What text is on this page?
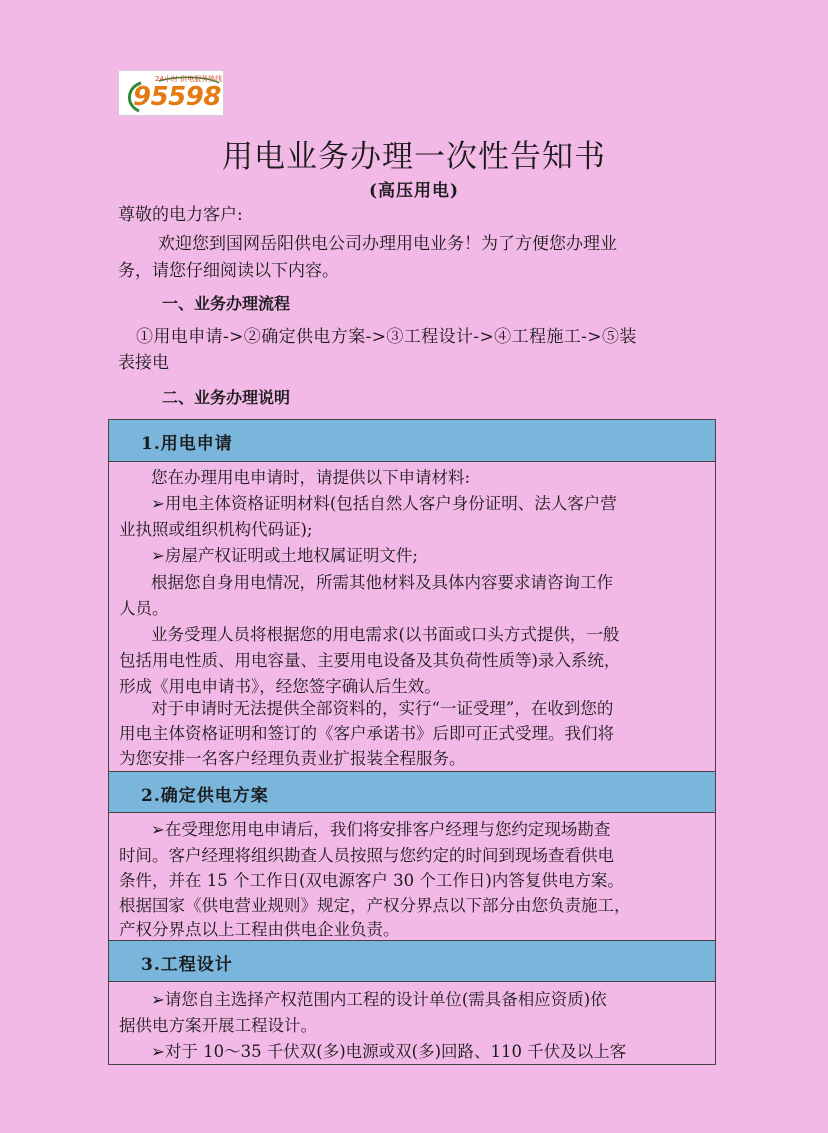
24小时 供电服务热线
95598
用电业务办理一次性告知书
(高压用电)
尊敬的电力客户:
欢迎您到国网岳阳供电公司办理用电业务！为了方便您办理业
务，请您仔细阅读以下内容。
一、业务办理流程
①用电申请->②确定供电方案->③工程设计->④工程施工->⑤装
表接电
二、业务办理说明
1.用电申请
您在办理用电申请时，请提供以下申请材料:
➢用电主体资格证明材料(包括自然人客户身份证明、法人客户营
业执照或组织机构代码证);
➢房屋产权证明或土地权属证明文件;
根据您自身用电情况，所需其他材料及具体内容要求请咨询工作
人员。
业务受理人员将根据您的用电需求(以书面或口头方式提供，一般
包括用电性质、用电容量、主要用电设备及其负荷性质等)录入系统，
形成《用电申请书》，经您签字确认后生效。
对于申请时无法提供全部资料的，实行“一证受理”，在收到您的
用电主体资格证明和签订的《客户承诺书》后即可正式受理。我们将
为您安排一名客户经理负责业扩报装全程服务。
2.确定供电方案
➢在受理您用电申请后，我们将安排客户经理与您约定现场勘查
时间。客户经理将组织勘查人员按照与您约定的时间到现场查看供电
条件，并在 15 个工作日(双电源客户 30 个工作日)内答复供电方案。
根据国家《供电营业规则》规定，产权分界点以下部分由您负责施工，
产权分界点以上工程由供电企业负责。
3.工程设计
➢请您自主选择产权范围内工程的设计单位(需具备相应资质)依
据供电方案开展工程设计。
➢对于 10～35 千伏双(多)电源或双(多)回路、110 千伏及以上客
